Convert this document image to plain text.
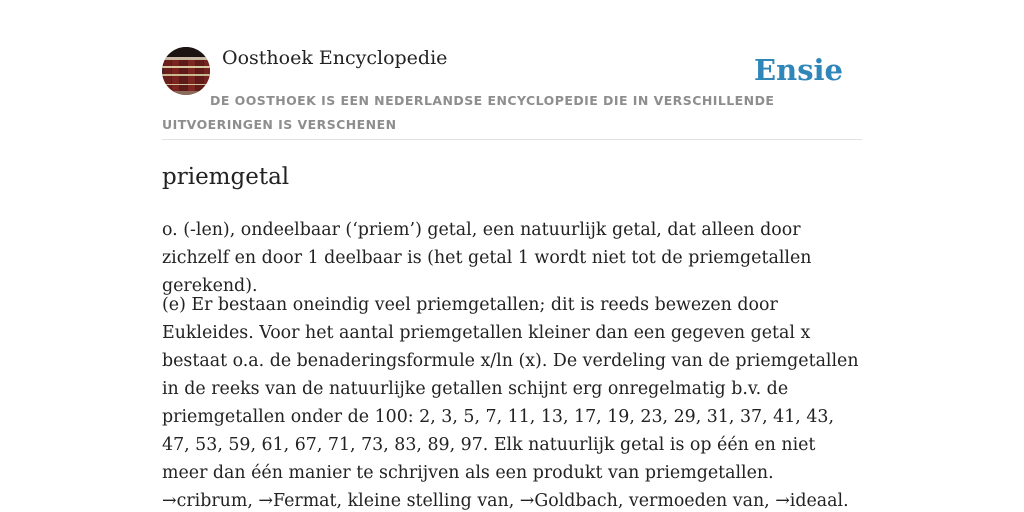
Oosthoek Encyclopedie	Ensie
DE OOSTHOEK IS EEN NEDERLANDSE ENCYCLOPEDIE DIE IN VERSCHILLENDE UITVOERINGEN IS VERSCHENEN
priemgetal

o. (-len), ondeelbaar (‘priem’) getal, een natuurlijk getal, dat alleen door zichzelf en door 1 deelbaar is (het getal 1 wordt niet tot de priemgetallen gerekend).

(e) Er bestaan oneindig veel priemgetallen; dit is reeds bewezen door Eukleides. Voor het aantal priemgetallen kleiner dan een gegeven getal x bestaat o.a. de benaderingsformule x/ln (x). De verdeling van de priemgetallen in de reeks van de natuurlijke getallen schijnt erg onregelmatig b.v. de priemgetallen onder de 100: 2, 3, 5, 7, 11, 13, 17, 19, 23, 29, 31, 37, 41, 43, 47, 53, 59, 61, 67, 71, 73, 83, 89, 97. Elk natuurlijk getal is op één en niet meer dan één manier te schrijven als een produkt van priemgetallen. →cribrum, →Fermat, kleine stelling van, →Goldbach, vermoeden van, →ideaal.
